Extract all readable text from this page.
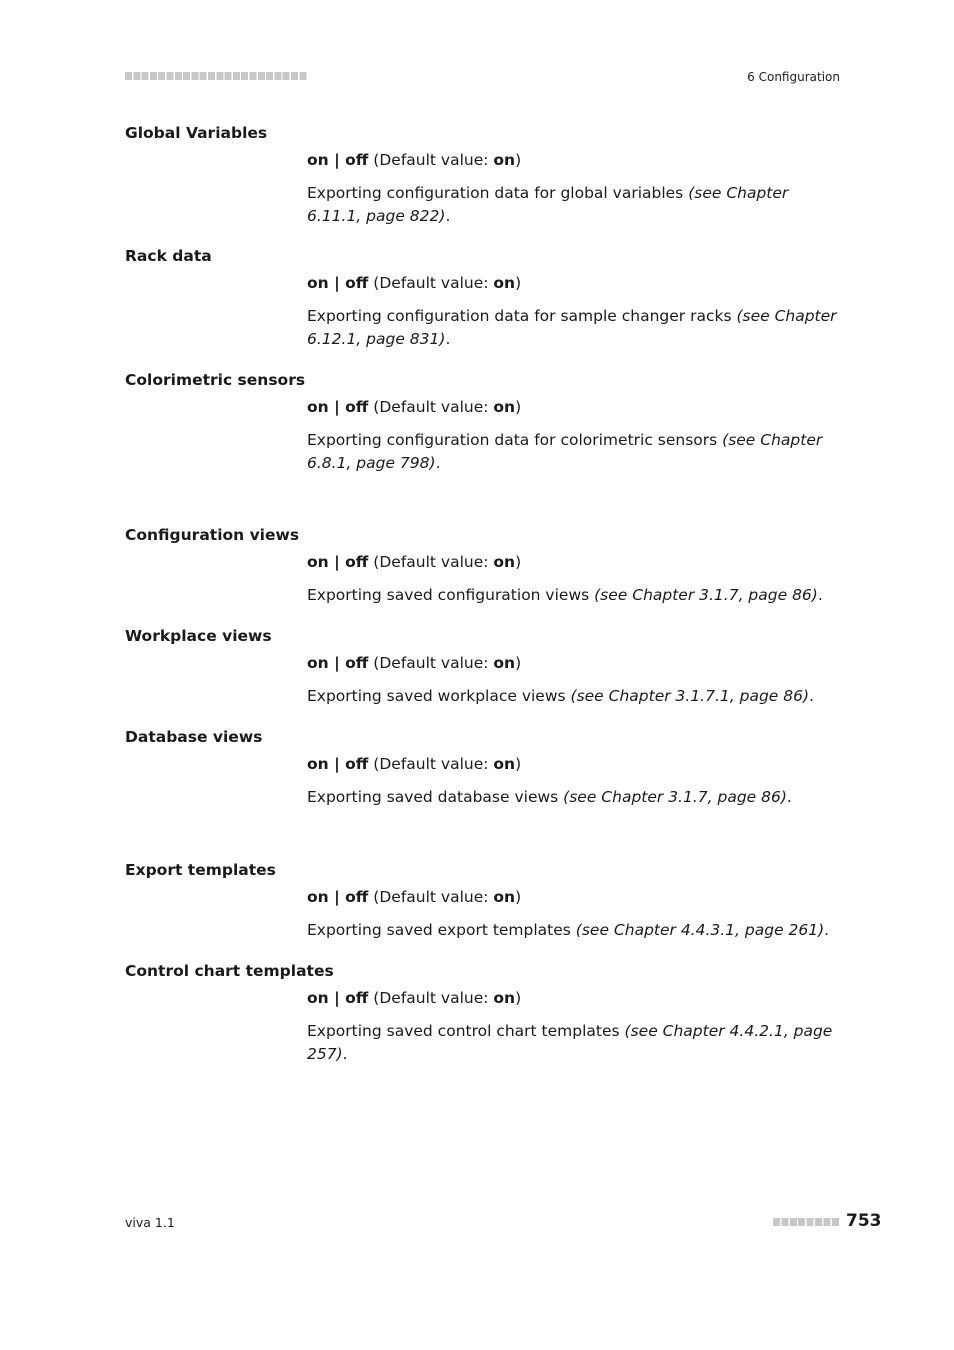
6 Configuration
Global Variables
on | off (Default value: on)
Exporting configuration data for global variables (see Chapter 6.11.1, page 822).
Rack data
on | off (Default value: on)
Exporting configuration data for sample changer racks (see Chapter 6.12.1, page 831).
Colorimetric sensors
on | off (Default value: on)
Exporting configuration data for colorimetric sensors (see Chapter 6.8.1, page 798).
Configuration views
on | off (Default value: on)
Exporting saved configuration views (see Chapter 3.1.7, page 86).
Workplace views
on | off (Default value: on)
Exporting saved workplace views (see Chapter 3.1.7.1, page 86).
Database views
on | off (Default value: on)
Exporting saved database views (see Chapter 3.1.7, page 86).
Export templates
on | off (Default value: on)
Exporting saved export templates (see Chapter 4.4.3.1, page 261).
Control chart templates
on | off (Default value: on)
Exporting saved control chart templates (see Chapter 4.4.2.1, page 257).
viva 1.1	753
